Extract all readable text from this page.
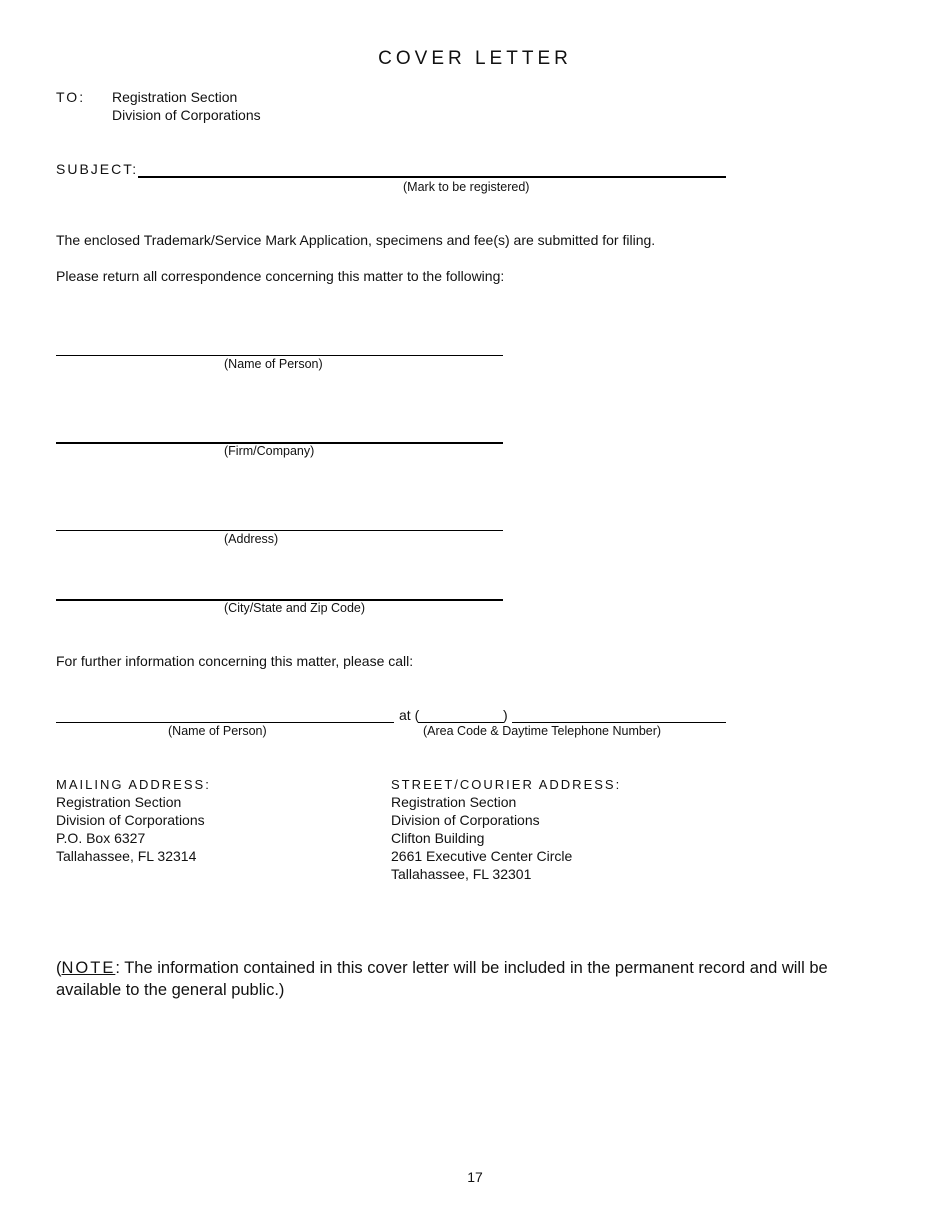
COVER LETTER
TO: Registration Section
Division of Corporations
SUBJECT:
(Mark to be registered)
The enclosed Trademark/Service Mark Application, specimens and fee(s) are submitted for filing.
Please return all correspondence concerning this matter to the following:
(Name of Person)
(Firm/Company)
(Address)
(City/State and Zip Code)
For further information concerning this matter, please call:
at (	)
(Name of Person)	(Area Code & Daytime Telephone Number)
MAILING ADDRESS:
Registration Section
Division of Corporations
P.O. Box 6327
Tallahassee, FL 32314
STREET/COURIER ADDRESS:
Registration Section
Division of Corporations
Clifton Building
2661 Executive Center Circle
Tallahassee, FL 32301
(NOTE: The information contained in this cover letter will be included in the permanent record and will be available to the general public.)
17
